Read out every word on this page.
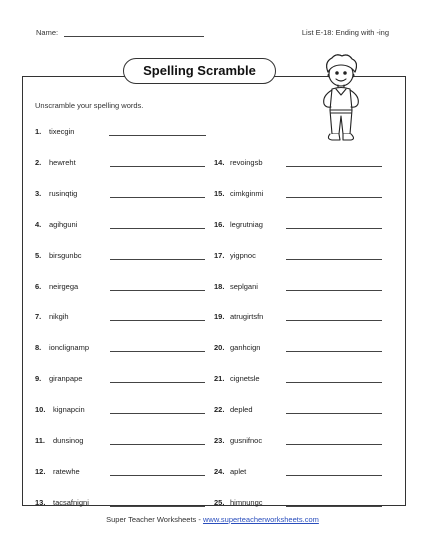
Name:	List E-18: Ending with -ing
Spelling Scramble
Unscramble your spelling words.
1. tixecgin
2. hewreht
3. rusinqtig
4. agihguni
5. birsgunbc
6. neirgega
7. nikgih
8. ionclignamp
9. giranpape
10. kignapcin
11. dunsinog
12. ratewhe
13. tacsafnigni
14. revoingsb
15. cimkginmi
16. legrutniag
17. yigpnoc
18. seplgani
19. atrugirtsfn
20. ganhcign
21. cignetsle
22. depled
23. gusnifnoc
24. aplet
25. himnungc
Super Teacher Worksheets - www.superteacherworksheets.com
